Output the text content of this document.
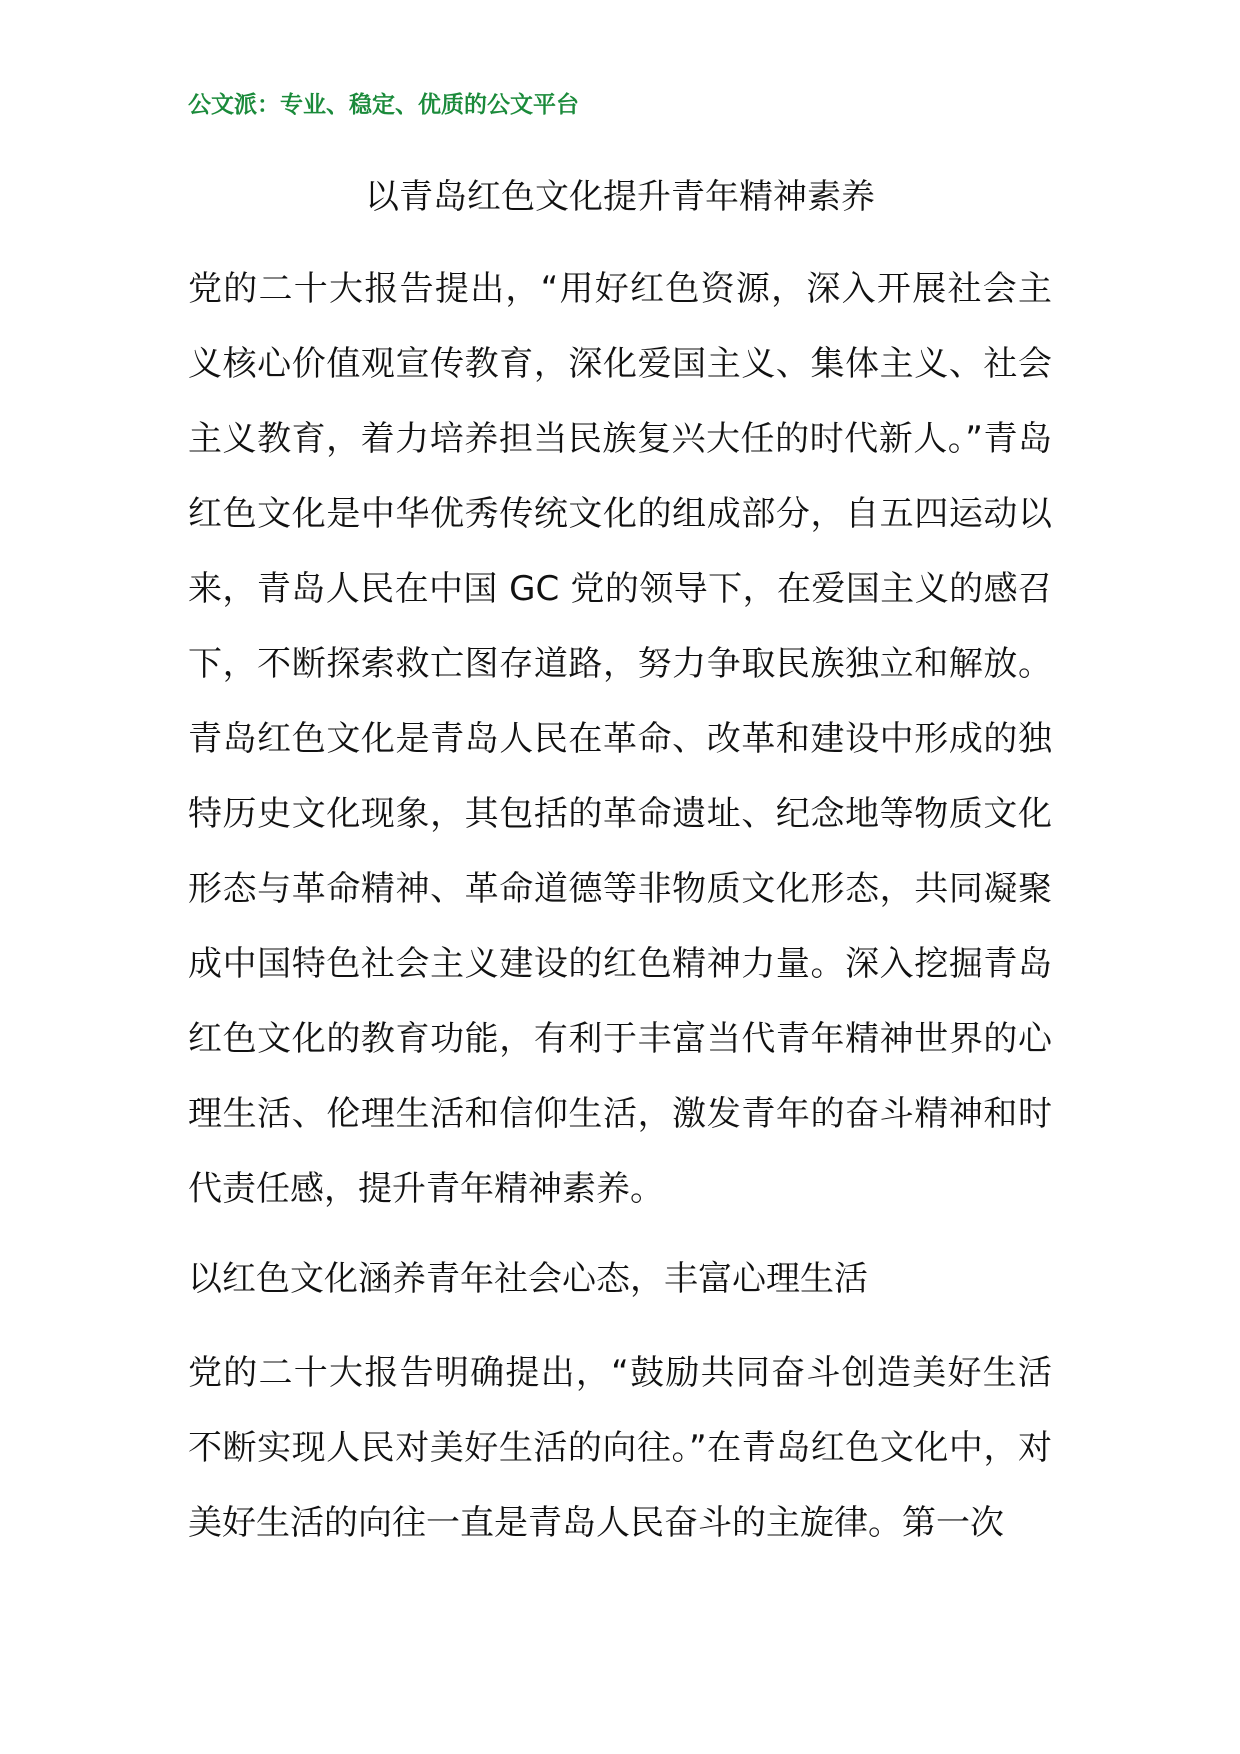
公文派：专业、稳定、优质的公文平台
以青岛红色文化提升青年精神素养

党的二十大报告提出，“用好红色资源，深入开展社会主义核心价值观宣传教育，深化爱国主义、集体主义、社会主义教育，着力培养担当民族复兴大任的时代新人。”青岛红色文化是中华优秀传统文化的组成部分，自五四运动以来，青岛人民在中国 GC 党的领导下，在爱国主义的感召下，不断探索救亡图存道路，努力争取民族独立和解放。青岛红色文化是青岛人民在革命、改革和建设中形成的独特历史文化现象，其包括的革命遗址、纪念地等物质文化形态与革命精神、革命道德等非物质文化形态，共同凝聚成中国特色社会主义建设的红色精神力量。深入挖掘青岛红色文化的教育功能，有利于丰富当代青年精神世界的心理生活、伦理生活和信仰生活，激发青年的奋斗精神和时代责任感，提升青年精神素养。

以红色文化涵养青年社会心态，丰富心理生活

党的二十大报告明确提出，“鼓励共同奋斗创造美好生活不断实现人民对美好生活的向往。”在青岛红色文化中，对美好生活的向往一直是青岛人民奋斗的主旋律。第一次
